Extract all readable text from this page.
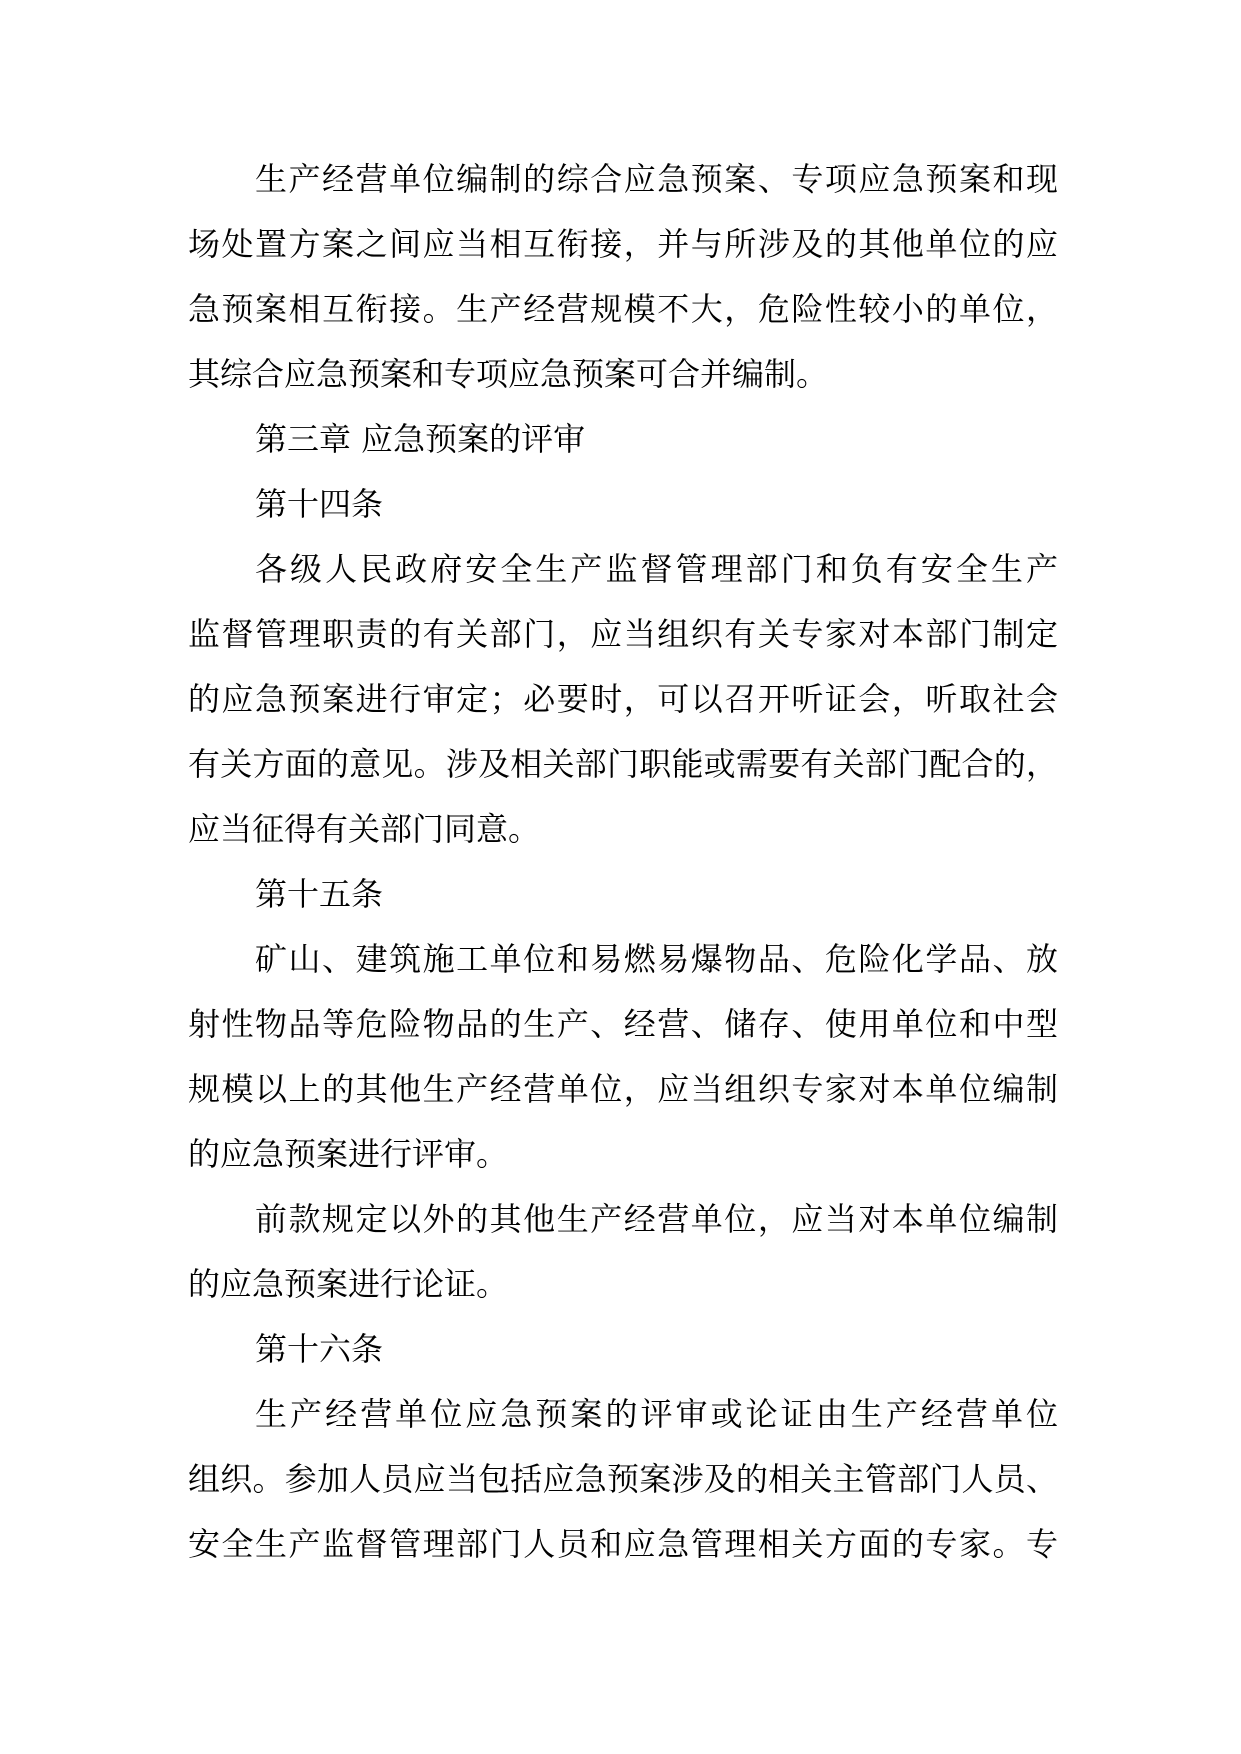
生产经营单位编制的综合应急预案、专项应急预案和现
场处置方案之间应当相互衔接，并与所涉及的其他单位的应
急预案相互衔接。生产经营规模不大，危险性较小的单位，
其综合应急预案和专项应急预案可合并编制。
第三章 应急预案的评审
第十四条
各级人民政府安全生产监督管理部门和负有安全生产
监督管理职责的有关部门，应当组织有关专家对本部门制定
的应急预案进行审定；必要时，可以召开听证会，听取社会
有关方面的意见。涉及相关部门职能或需要有关部门配合的，
应当征得有关部门同意。
第十五条
矿山、建筑施工单位和易燃易爆物品、危险化学品、放
射性物品等危险物品的生产、经营、储存、使用单位和中型
规模以上的其他生产经营单位，应当组织专家对本单位编制
的应急预案进行评审。
前款规定以外的其他生产经营单位，应当对本单位编制
的应急预案进行论证。
第十六条
生产经营单位应急预案的评审或论证由生产经营单位
组织。参加人员应当包括应急预案涉及的相关主管部门人员、
安全生产监督管理部门人员和应急管理相关方面的专家。专
